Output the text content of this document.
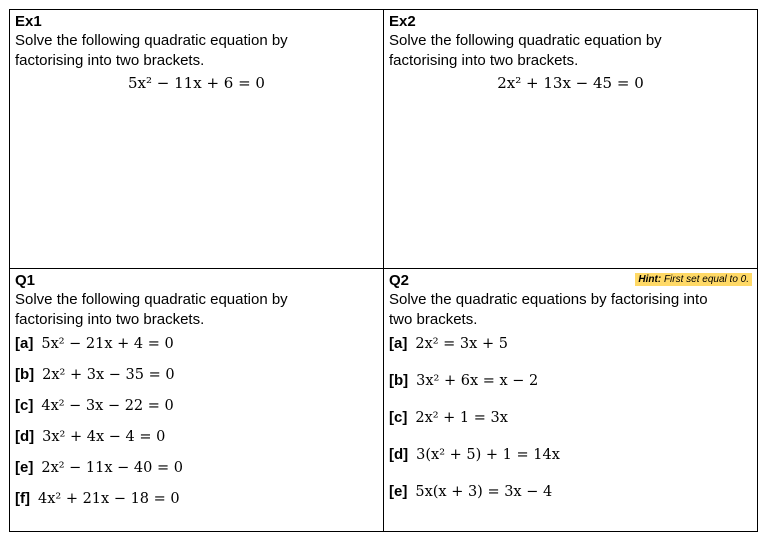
Ex1
Solve the following quadratic equation by factorising into two brackets.
5x² − 11x + 6 = 0
Ex2
Solve the following quadratic equation by factorising into two brackets.
2x² + 13x − 45 = 0
Q1
Solve the following quadratic equation by factorising into two brackets.
[a] 5x² − 21x + 4 = 0
[b] 2x² + 3x − 35 = 0
[c] 4x² − 3x − 22 = 0
[d] 3x² + 4x − 4 = 0
[e] 2x² − 11x − 40 = 0
[f] 4x² + 21x − 18 = 0
Q2	Hint: First set equal to 0.
Solve the quadratic equations by factorising into two brackets.
[a] 2x² = 3x + 5
[b] 3x² + 6x = x − 2
[c] 2x² + 1 = 3x
[d] 3(x² + 5) + 1 = 14x
[e] 5x(x + 3) = 3x − 4
